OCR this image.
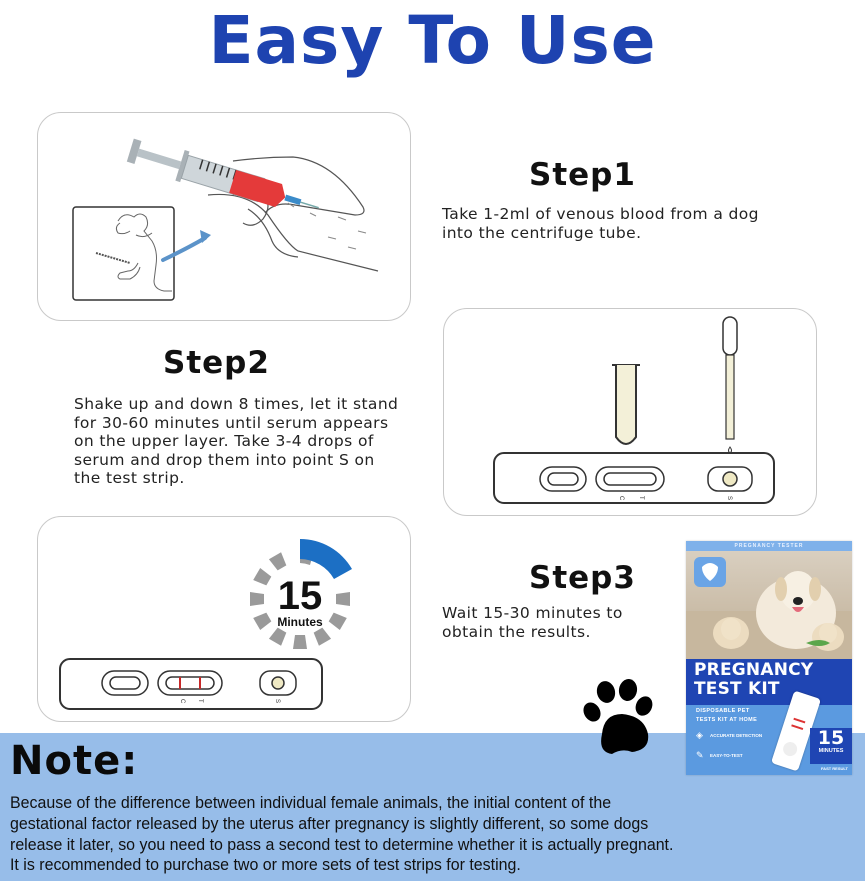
Easy To Use
Step1
Take 1-2ml of venous blood from a dog
into the centrifuge tube.
Step2
Shake up and down 8 times, let it stand
for 30-60 minutes until serum appears
on the upper layer. Take 3-4 drops of
serum and drop them into point S on
the test strip.
C T	S
15
Minutes
C T	S
Step3
Wait 15-30 minutes to
obtain the results.
Note:
Because of the difference between individual female animals, the initial content of the
gestational factor released by the uterus after pregnancy is slightly different, so some dogs
release it later, so you need to pass a second test to determine whether it is actually pregnant.
It is recommended to purchase two or more sets of test strips for testing.
PREGNANCY TESTER
PREGNANCY
TEST KIT
DISPOSABLE PET
TESTS KIT AT HOME
ACCURATE DETECTION
EASY-TO-TEST
◈
✎
15
MINUTES
FAST RESULT
